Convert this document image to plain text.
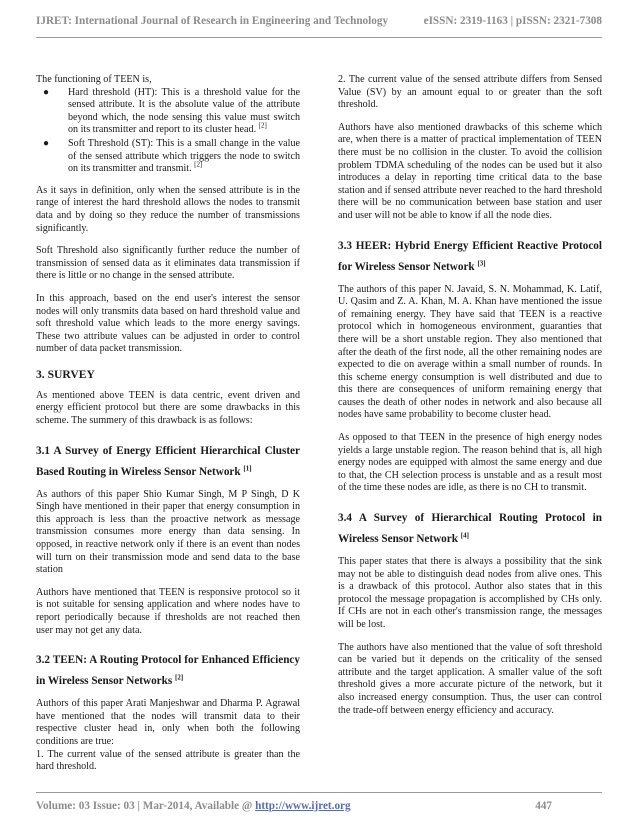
IJRET: International Journal of Research in Engineering and Technology	eISSN: 2319-1163 | pISSN: 2321-7308

The functioning of TEEN is,

● Hard threshold (HT): This is a threshold value for the sensed attribute. It is the absolute value of the attribute beyond which, the node sensing this value must switch on its transmitter and report to its cluster head. [2]
● Soft Threshold (ST): This is a small change in the value of the sensed attribute which triggers the node to switch on its transmitter and transmit. [2]

As it says in definition, only when the sensed attribute is in the range of interest the hard threshold allows the nodes to transmit data and by doing so they reduce the number of transmissions significantly.

Soft Threshold also significantly further reduce the number of transmission of sensed data as it eliminates data transmission if there is little or no change in the sensed attribute.

In this approach, based on the end user's interest the sensor nodes will only transmits data based on hard threshold value and soft threshold value which leads to the more energy savings. These two attribute values can be adjusted in order to control number of data packet transmission.

3. SURVEY

As mentioned above TEEN is data centric, event driven and energy efficient protocol but there are some drawbacks in this scheme. The summery of this drawback is as follows:

3.1 A Survey of Energy Efficient Hierarchical Cluster Based Routing in Wireless Sensor Network [1]

As authors of this paper Shio Kumar Singh, M P Singh, D K Singh have mentioned in their paper that energy consumption in this approach is less than the proactive network as message transmission consumes more energy than data sensing. In opposed, in reactive network only if there is an event than nodes will turn on their transmission mode and send data to the base station

Authors have mentioned that TEEN is responsive protocol so it is not suitable for sensing application and where nodes have to report periodically because if thresholds are not reached then user may not get any data.

3.2 TEEN: A Routing Protocol for Enhanced Efficiency in Wireless Sensor Networks [2]

Authors of this paper Arati Manjeshwar and Dharma P. Agrawal have mentioned that the nodes will transmit data to their respective cluster head in, only when both the following conditions are true:

1. The current value of the sensed attribute is greater than the hard threshold.

2. The current value of the sensed attribute differs from Sensed Value (SV) by an amount equal to or greater than the soft threshold.

Authors have also mentioned drawbacks of this scheme which are, when there is a matter of practical implementation of TEEN there must be no collision in the cluster. To avoid the collision problem TDMA scheduling of the nodes can be used but it also introduces a delay in reporting time critical data to the base station and if sensed attribute never reached to the hard threshold there will be no communication between base station and user and user will not be able to know if all the node dies.

3.3 HEER: Hybrid Energy Efficient Reactive Protocol for Wireless Sensor Network [3]

The authors of this paper N. Javaid, S. N. Mohammad, K. Latif, U. Qasim and Z. A. Khan, M. A. Khan have mentioned the issue of remaining energy. They have said that TEEN is a reactive protocol which in homogeneous environment, guaranties that there will be a short unstable region. They also mentioned that after the death of the first node, all the other remaining nodes are expected to die on average within a small number of rounds. In this scheme energy consumption is well distributed and due to this there are consequences of uniform remaining energy that causes the death of other nodes in network and also because all nodes have same probability to become cluster head.

As opposed to that TEEN in the presence of high energy nodes yields a large unstable region. The reason behind that is, all high energy nodes are equipped with almost the same energy and due to that, the CH selection process is unstable and as a result most of the time these nodes are idle, as there is no CH to transmit.

3.4 A Survey of Hierarchical Routing Protocol in Wireless Sensor Network [4]

This paper states that there is always a possibility that the sink may not be able to distinguish dead nodes from alive ones. This is a drawback of this protocol. Author also states that in this protocol the message propagation is accomplished by CHs only. If CHs are not in each other's transmission range, the messages will be lost.

The authors have also mentioned that the value of soft threshold can be varied but it depends on the criticality of the sensed attribute and the target application. A smaller value of the soft threshold gives a more accurate picture of the network, but it also increased energy consumption. Thus, the user can control the trade-off between energy efficiency and accuracy.

Volume: 03 Issue: 03 | Mar-2014, Available @ http://www.ijret.org	447
